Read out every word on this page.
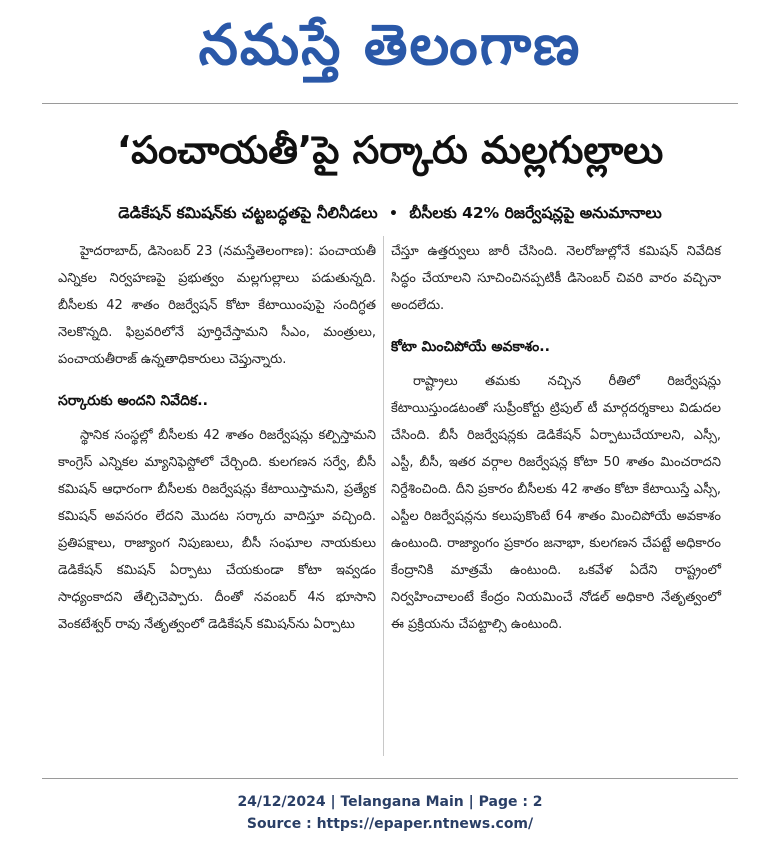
నమస్తే తెలంగాణ
‘పంచాయతీ’పై సర్కారు మల్లగుల్లాలు
డెడికేషన్ కమిషన్‌కు చట్టబద్ధతపై నీలినీడలు • బీసీలకు 42% రిజర్వేషన్లపై అనుమానాలు

హైదరాబాద్, డిసెంబర్ 23 (నమస్తేతెలంగాణ): పంచాయతీ ఎన్నికల నిర్వహణపై ప్రభుత్వం మల్లగుల్లాలు పడుతున్నది. బీసీలకు 42 శాతం రిజర్వేషన్ కోటా కేటాయింపుపై సందిగ్ధత నెలకొన్నది. ఫిబ్రవరిలోనే పూర్తిచేస్తామని సీఎం, మంత్రులు, పంచాయతీరాజ్ ఉన్నతాధికారులు చెప్తున్నారు.

సర్కారుకు అందని నివేదిక..

స్థానిక సంస్థల్లో బీసీలకు 42 శాతం రిజర్వేషన్లు కల్పిస్తామని కాంగ్రెస్ ఎన్నికల మ్యానిఫెస్టోలో చేర్చింది. కులగణన సర్వే, బీసీ కమిషన్ ఆధారంగా బీసీలకు రిజర్వేషన్లు కేటాయిస్తామని, ప్రత్యేక కమిషన్ అవసరం లేదని మొదట సర్కారు వాదిస్తూ వచ్చింది. ప్రతిపక్షాలు, రాజ్యాంగ నిపుణులు, బీసీ సంఘాల నాయకులు డెడికేషన్ కమిషన్ ఏర్పాటు చేయకుండా కోటా ఇవ్వడం సాధ్యంకాదని తేల్చిచెప్పారు. దీంతో నవంబర్ 4న భూసాని వెంకటేశ్వర్ రావు నేతృత్వంలో డెడికేషన్ కమిషన్‌ను ఏర్పాటు

చేస్తూ ఉత్తర్వులు జారీ చేసింది. నెలరోజుల్లోనే కమిషన్ నివేదిక సిద్ధం చేయాలని సూచించినప్పటికీ డిసెంబర్ చివరి వారం వచ్చినా అందలేదు.

కోటా మించిపోయే అవకాశం..

రాష్ట్రాలు తమకు నచ్చిన రీతిలో రిజర్వేషన్లు కేటాయిస్తుండటంతో సుప్రీంకోర్టు ట్రిపుల్ టీ మార్గదర్శకాలు విడుదల చేసింది. బీసీ రిజర్వేషన్లకు డెడికేషన్ ఏర్పాటుచేయాలని, ఎస్సీ, ఎస్టీ, బీసీ, ఇతర వర్గాల రిజర్వేషన్ల కోటా 50 శాతం మించరాదని నిర్దేశించింది. దీని ప్రకారం బీసీలకు 42 శాతం కోటా కేటాయిస్తే ఎస్సీ, ఎస్టీల రిజర్వేషన్లను కలుపుకొంటే 64 శాతం మించిపోయే అవకాశం ఉంటుంది. రాజ్యాంగం ప్రకారం జనాభా, కులగణన చేపట్టే అధికారం కేంద్రానికి మాత్రమే ఉంటుంది. ఒకవేళ ఏదేని రాష్ట్రంలో నిర్వహించాలంటే కేంద్రం నియమించే నోడల్ అధికారి నేతృత్వంలో ఈ ప్రక్రియను చేపట్టాల్సి ఉంటుంది.

24/12/2024 | Telangana Main | Page : 2
Source : https://epaper.ntnews.com/
